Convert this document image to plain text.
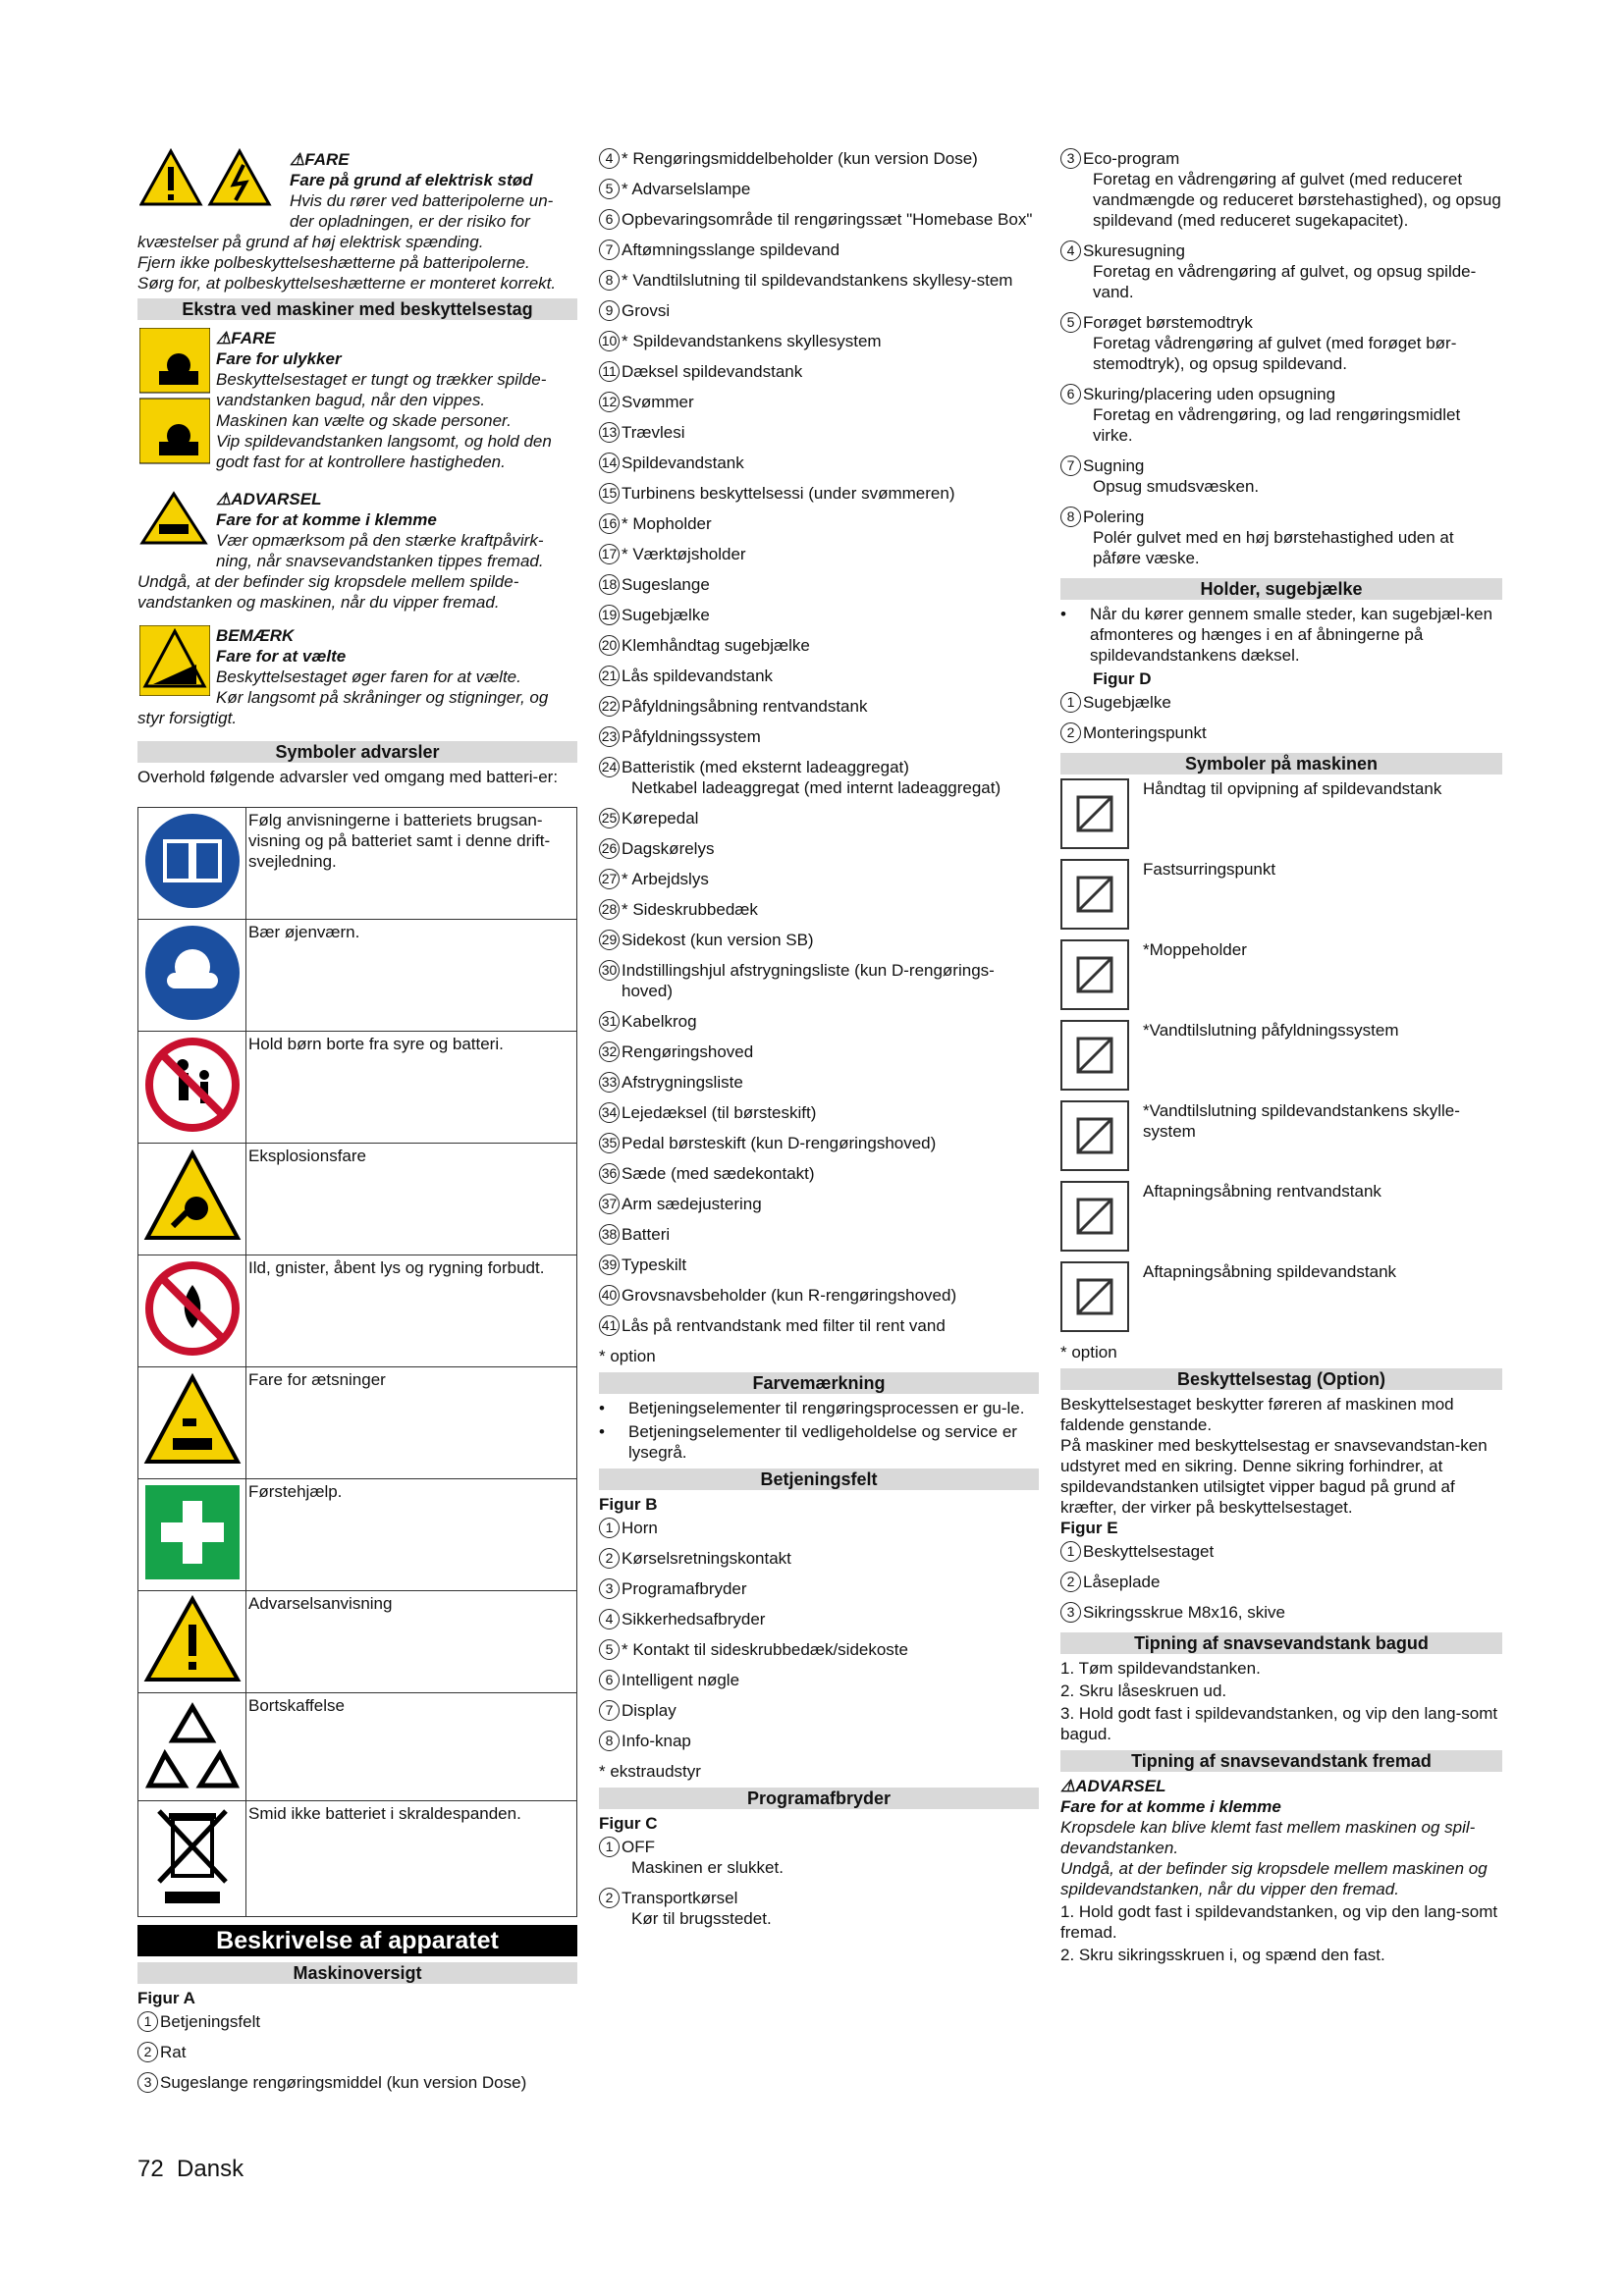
⚠FARE
Fare på grund af elektrisk stød
Hvis du rører ved batteripolerne un-
der opladningen, er der risiko for
kvæstelser på grund af høj elektrisk spænding.
Fjern ikke polbeskyttelseshætterne på batteripolerne.
Sørg for, at polbeskyttelseshætterne er monteret korrekt.
Ekstra ved maskiner med beskyttelsestag
⚠FARE
Fare for ulykker
Beskyttelsestaget er tungt og trækker spilde-
vandstanken bagud, når den vippes.
Maskinen kan vælte og skade personer.
Vip spildevandstanken langsomt, og hold den
godt fast for at kontrollere hastigheden.
⚠ADVARSEL
Fare for at komme i klemme
Vær opmærksom på den stærke kraftpåvirk-
ning, når snavsevandstanken tippes fremad.
Undgå, at der befinder sig kropsdele mellem spilde-
vandstanken og maskinen, når du vipper fremad.
BEMÆRK
Fare for at vælte
Beskyttelsestaget øger faren for at vælte.
Kør langsomt på skråninger og stigninger, og
styr forsigtigt.
Symboler advarsler
Overhold følgende advarsler ved omgang med batteri-er:
	Følg anvisningerne i batteriets brugsan-visning og på batteriet samt i denne drift-svejledning.
	Bær øjenværn.
	Hold børn borte fra syre og batteri.
	Eksplosionsfare
	Ild, gnister, åbent lys og rygning forbudt.
	Fare for ætsninger
	Førstehjælp.
	Advarselsanvisning
	Bortskaffelse
	Smid ikke batteriet i skraldespanden.
Beskrivelse af apparatet
Maskinoversigt
Figur A
1 Betjeningsfelt
2 Rat
3 Sugeslange rengøringsmiddel (kun version Dose)
4 * Rengøringsmiddelbeholder (kun version Dose)
5 * Advarselslampe
6 Opbevaringsområde til rengøringssæt "Homebase Box"
7 Aftømningsslange spildevand
8 * Vandtilslutning til spildevandstankens skyllesy-stem
9 Grovsi
10 * Spildevandstankens skyllesystem
11 Dæksel spildevandstank
12 Svømmer
13 Trævlesi
14 Spildevandstank
15 Turbinens beskyttelsessi (under svømmeren)
16 * Mopholder
17 * Værktøjsholder
18 Sugeslange
19 Sugebjælke
20 Klemhåndtag sugebjælke
21 Lås spildevandstank
22 Påfyldningsåbning rentvandstank
23 Påfyldningssystem
24 Batteristik (med eksternt ladeaggregat)
Netkabel ladeaggregat (med internt ladeaggregat)
25 Kørepedal
26 Dagskørelys
27 * Arbejdslys
28 * Sideskrubbedæk
29 Sidekost (kun version SB)
30 Indstillingshjul afstrygningsliste (kun D-rengørings-hoved)
31 Kabelkrog
32 Rengøringshoved
33 Afstrygningsliste
34 Lejedæksel (til børsteskift)
35 Pedal børsteskift (kun D-rengøringshoved)
36 Sæde (med sædekontakt)
37 Arm sædejustering
38 Batteri
39 Typeskilt
40 Grovsnavsbeholder (kun R-rengøringshoved)
41 Lås på rentvandstank med filter til rent vand
* option
Farvemærkning
•	Betjeningselementer til rengøringsprocessen er gu-le.
•	Betjeningselementer til vedligeholdelse og service er lysegrå.
Betjeningsfelt
Figur B
1 Horn
2 Kørselsretningskontakt
3 Programafbryder
4 Sikkerhedsafbryder
5 * Kontakt til sideskrubbedæk/sidekoste
6 Intelligent nøgle
7 Display
8 Info-knap
* ekstraudstyr
Programafbryder
Figur C
1 OFF
Maskinen er slukket.
2 Transportkørsel
Kør til brugsstedet.
3 Eco-program
Foretag en vådrengøring af gulvet (med reduceret vandmængde og reduceret børstehastighed), og opsug spildevand (med reduceret sugekapacitet).
4 Skuresugning
Foretag en vådrengøring af gulvet, og opsug spilde-vand.
5 Forøget børstemodtryk
Foretag vådrengøring af gulvet (med forøget bør-stemodtryk), og opsug spildevand.
6 Skuring/placering uden opsugning
Foretag en vådrengøring, og lad rengøringsmidlet virke.
7 Sugning
Opsug smudsvæsken.
8 Polering
Polér gulvet med en høj børstehastighed uden at påføre væske.
Holder, sugebjælke
•	Når du kører gennem smalle steder, kan sugebjæl-ken afmonteres og hænges i en af åbningerne på spildevandstankens dæksel.
Figur D
1 Sugebjælke
2 Monteringspunkt
Symboler på maskinen
Håndtag til opvipning af spildevandstank
Fastsurringspunkt
*Moppeholder
*Vandtilslutning påfyldningssystem
*Vandtilslutning spildevandstankens skylle-system
Aftapningsåbning rentvandstank
Aftapningsåbning spildevandstank
* option
Beskyttelsestag (Option)
Beskyttelsestaget beskytter føreren af maskinen mod faldende genstande.
På maskiner med beskyttelsestag er snavsevandstan-ken udstyret med en sikring. Denne sikring forhindrer, at spildevandstanken utilsigtet vipper bagud på grund af kræfter, der virker på beskyttelsestaget.
Figur E
1 Beskyttelsestaget
2 Låseplade
3 Sikringsskrue M8x16, skive
Tipning af snavsevandstank bagud
1. Tøm spildevandstanken.
2. Skru låseskruen ud.
3. Hold godt fast i spildevandstanken, og vip den lang-somt bagud.
Tipning af snavsevandstank fremad
⚠ADVARSEL
Fare for at komme i klemme
Kropsdele kan blive klemt fast mellem maskinen og spil-devandstanken.
Undgå, at der befinder sig kropsdele mellem maskinen og spildevandstanken, når du vipper den fremad.
1. Hold godt fast i spildevandstanken, og vip den lang-somt fremad.
2. Skru sikringsskruen i, og spænd den fast.
72 Dansk
